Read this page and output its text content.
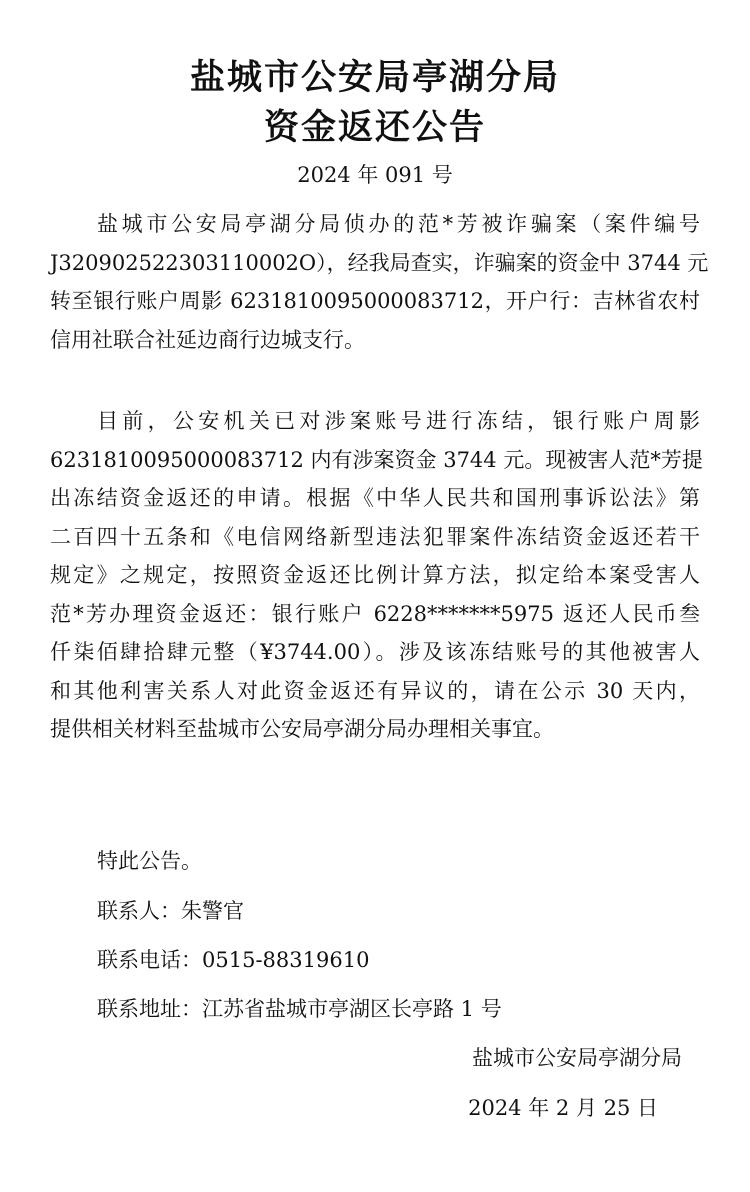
盐城市公安局亭湖分局
资金返还公告
2024 年 091 号
盐城市公安局亭湖分局侦办的范*芳被诈骗案（案件编号
J320902522303110002O），经我局查实，诈骗案的资金中 3744 元
转至银行账户周影 6231810095000083712，开户行：吉林省农村
信用社联合社延边商行边城支行。
目前，公安机关已对涉案账号进行冻结，银行账户周影
6231810095000083712 内有涉案资金 3744 元。现被害人范*芳提
出冻结资金返还的申请。根据《中华人民共和国刑事诉讼法》第
二百四十五条和《电信网络新型违法犯罪案件冻结资金返还若干
规定》之规定，按照资金返还比例计算方法，拟定给本案受害人
范*芳办理资金返还：银行账户 6228*******5975 返还人民币叁
仟柒佰肆拾肆元整（¥3744.00）。涉及该冻结账号的其他被害人
和其他利害关系人对此资金返还有异议的，请在公示 30 天内，
提供相关材料至盐城市公安局亭湖分局办理相关事宜。
特此公告。
联系人：朱警官
联系电话：0515-88319610
联系地址：江苏省盐城市亭湖区长亭路 1 号
盐城市公安局亭湖分局
2024 年 2 月 25 日
